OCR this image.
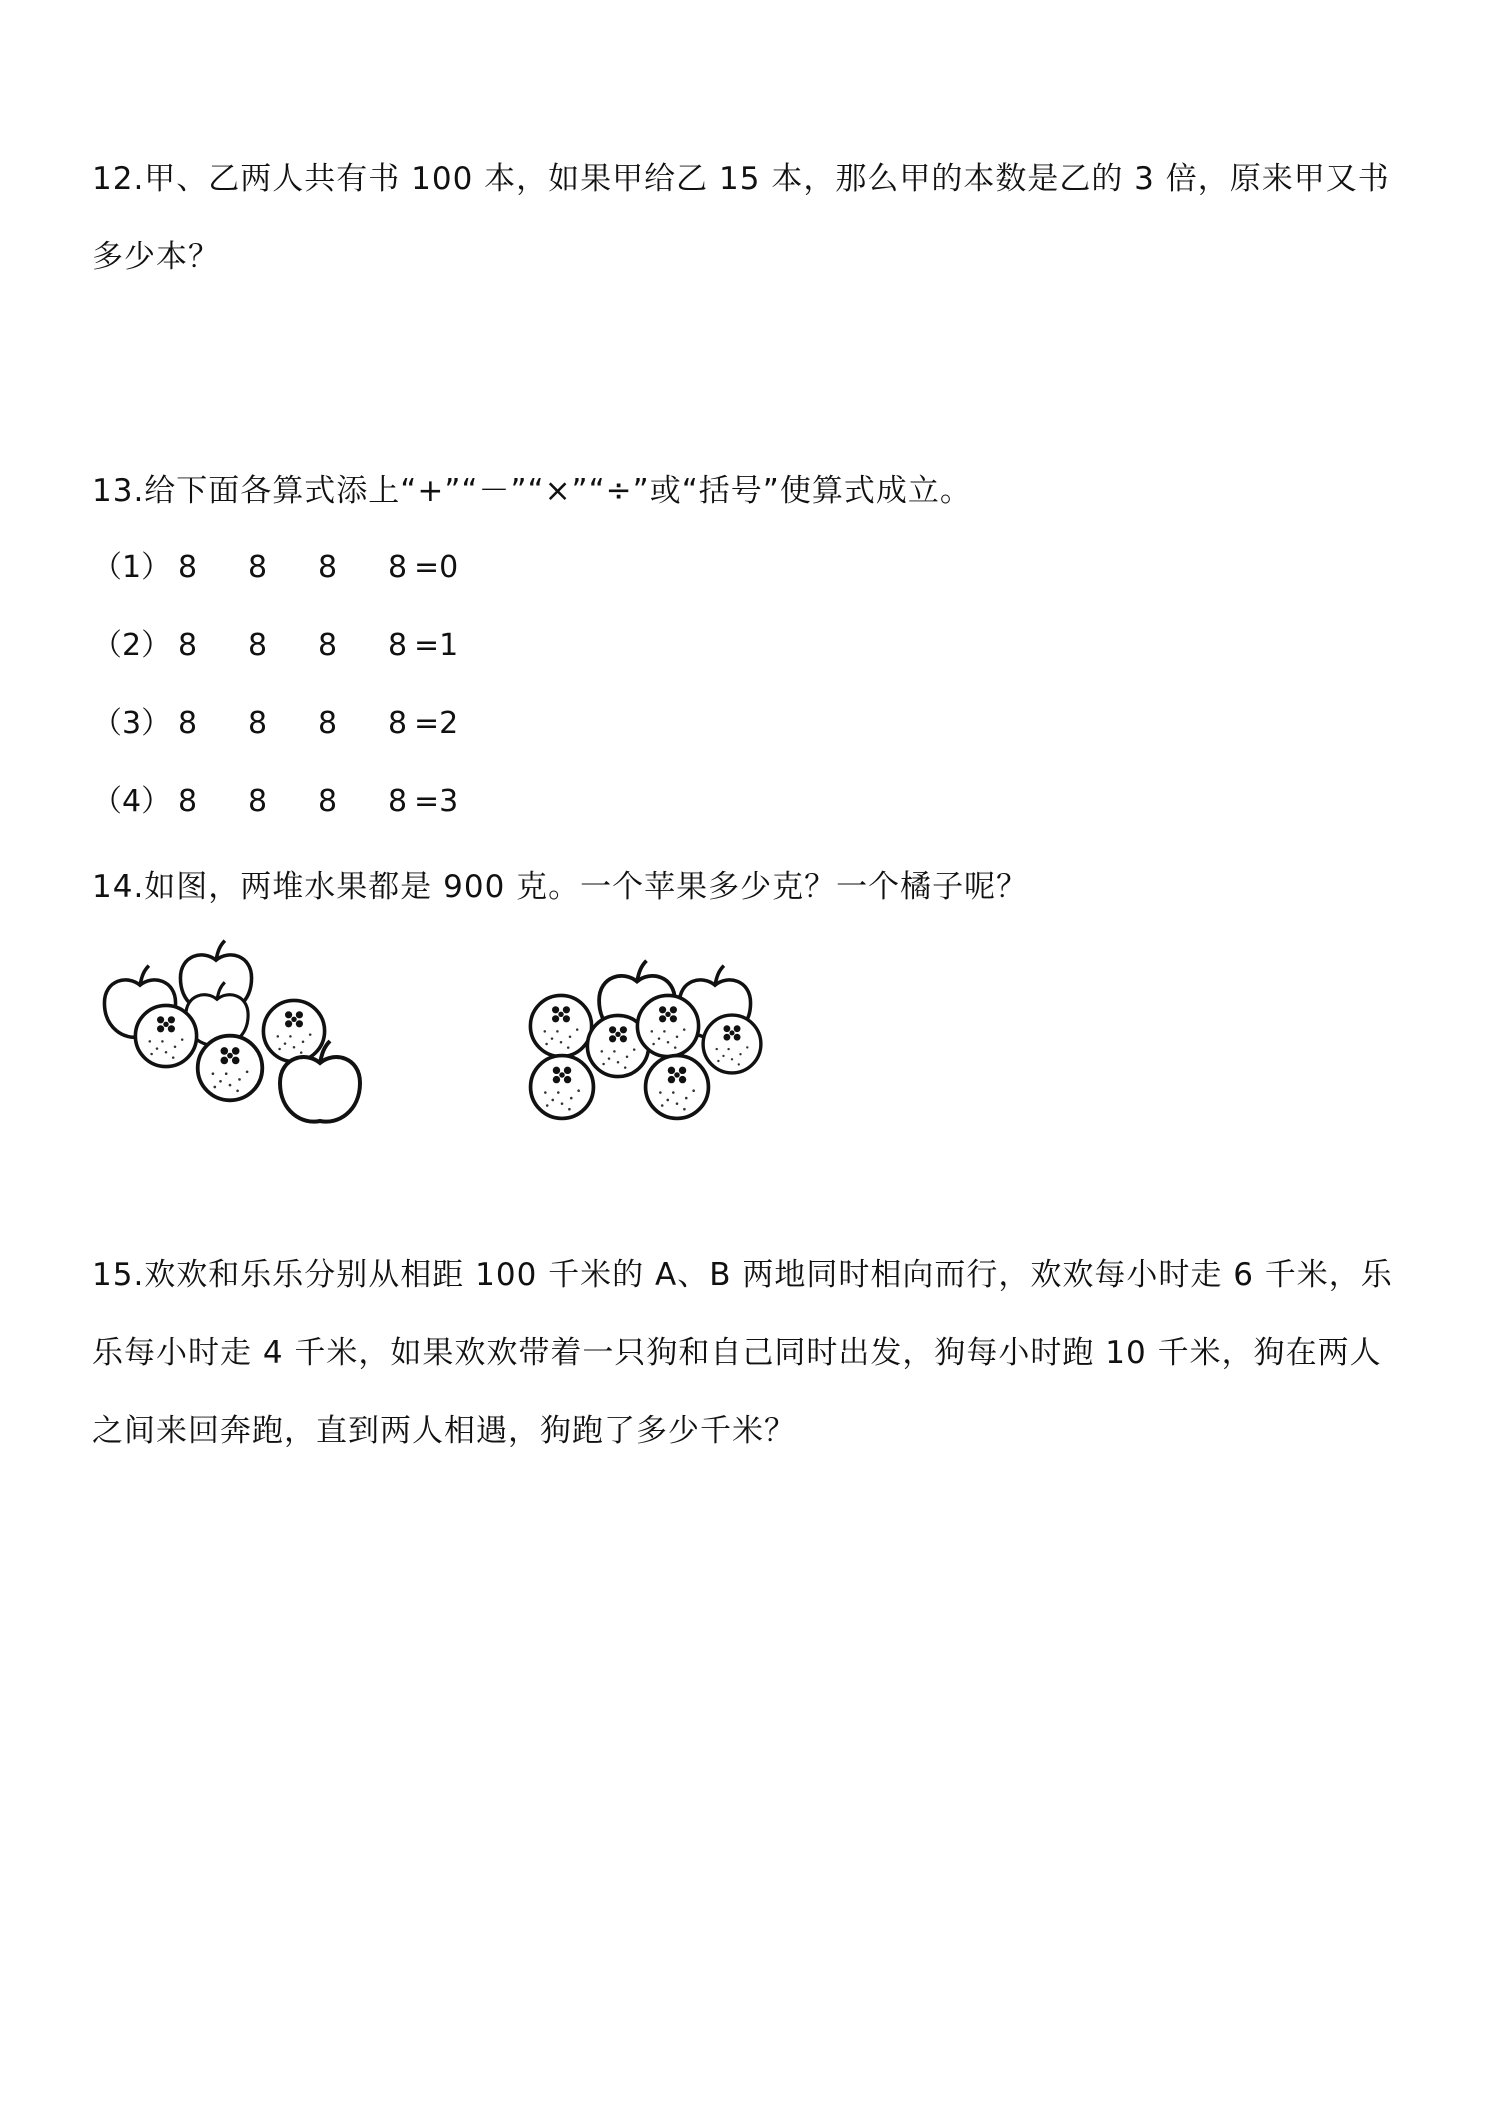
12.甲、乙两人共有书 100 本，如果甲给乙 15 本，那么甲的本数是乙的 3 倍，原来甲又书多少本？
13.给下面各算式添上“+”“－”“×”“÷”或“括号”使算式成立。
（1） 8 8 8 8 =0
（2） 8 8 8 8 =1
（3） 8 8 8 8 =2
（4） 8 8 8 8 =3
14.如图，两堆水果都是 900 克。一个苹果多少克？一个橘子呢？
15.欢欢和乐乐分别从相距 100 千米的 A、B 两地同时相向而行，欢欢每小时走 6 千米，乐乐每小时走 4 千米，如果欢欢带着一只狗和自己同时出发，狗每小时跑 10 千米，狗在两人之间来回奔跑，直到两人相遇，狗跑了多少千米？
